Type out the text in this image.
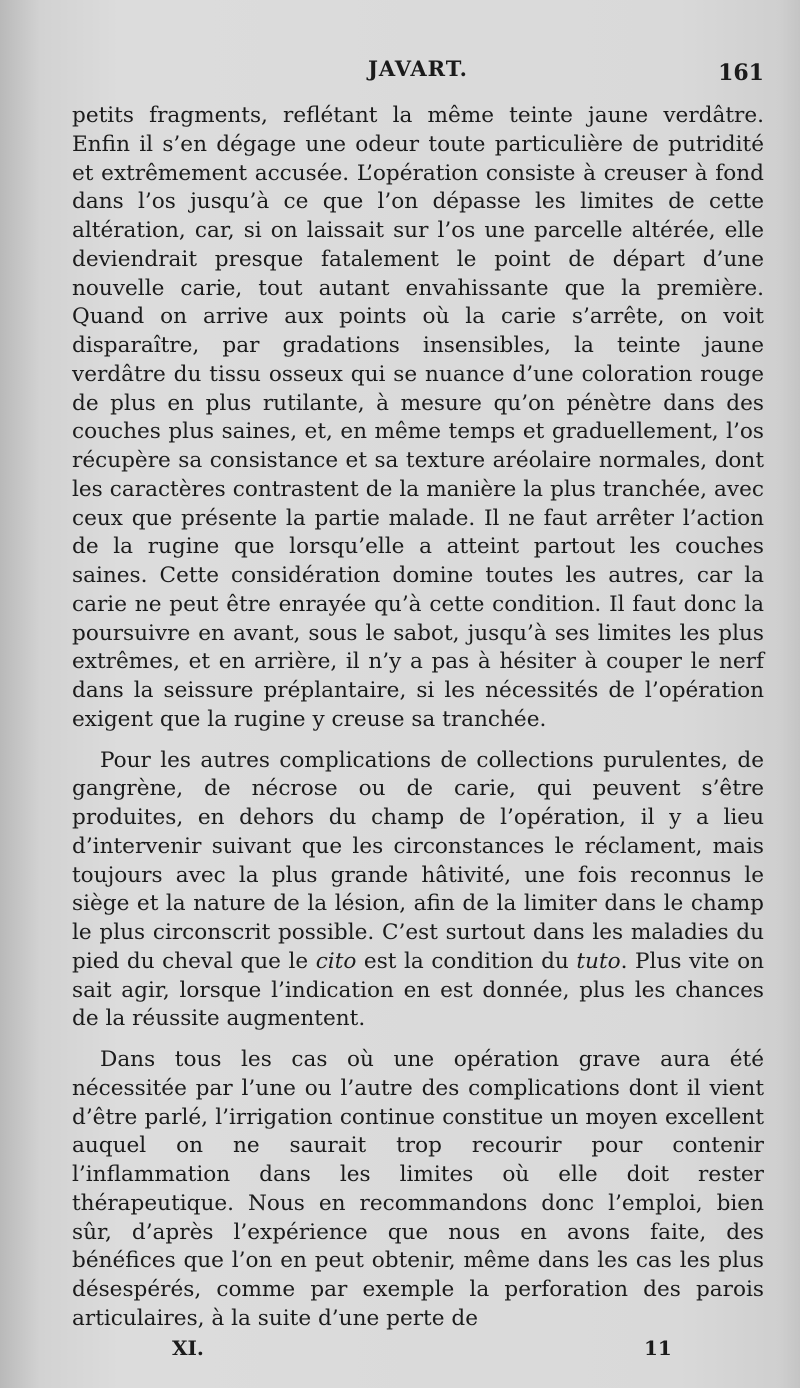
JAVART.	161

petits fragments, reflétant la même teinte jaune verdâtre. Enfin il s’en dégage une odeur toute particulière de putridité et extrêmement accusée. L’opération consiste à creuser à fond dans l’os jusqu’à ce que l’on dépasse les limites de cette altération, car, si on laissait sur l’os une parcelle altérée, elle deviendrait presque fatalement le point de départ d’une nouvelle carie, tout autant envahissante que la première. Quand on arrive aux points où la carie s’arrête, on voit disparaître, par gradations insensibles, la teinte jaune verdâtre du tissu osseux qui se nuance d’une coloration rouge de plus en plus rutilante, à mesure qu’on pénètre dans des couches plus saines, et, en même temps et graduellement, l’os récupère sa consistance et sa texture aréolaire normales, dont les caractères contrastent de la manière la plus tranchée, avec ceux que présente la partie malade. Il ne faut arrêter l’action de la rugine que lorsqu’elle a atteint partout les couches saines. Cette considération domine toutes les autres, car la carie ne peut être enrayée qu’à cette condition. Il faut donc la poursuivre en avant, sous le sabot, jusqu’à ses limites les plus extrêmes, et en arrière, il n’y a pas à hésiter à couper le nerf dans la seissure préplantaire, si les nécessités de l’opération exigent que la rugine y creuse sa tranchée.

Pour les autres complications de collections purulentes, de gangrène, de nécrose ou de carie, qui peuvent s’être produites, en dehors du champ de l’opération, il y a lieu d’intervenir suivant que les circonstances le réclament, mais toujours avec la plus grande hâtivité, une fois reconnus le siège et la nature de la lésion, afin de la limiter dans le champ le plus circonscrit possible. C’est surtout dans les maladies du pied du cheval que le cito est la condition du tuto. Plus vite on sait agir, lorsque l’indication en est donnée, plus les chances de la réussite augmentent.

Dans tous les cas où une opération grave aura été nécessitée par l’une ou l’autre des complications dont il vient d’être parlé, l’irrigation continue constitue un moyen excellent auquel on ne saurait trop recourir pour contenir l’inflammation dans les limites où elle doit rester thérapeutique. Nous en recommandons donc l’emploi, bien sûr, d’après l’expérience que nous en avons faite, des bénéfices que l’on en peut obtenir, même dans les cas les plus désespérés, comme par exemple la perforation des parois articulaires, à la suite d’une perte de

XI.	11
